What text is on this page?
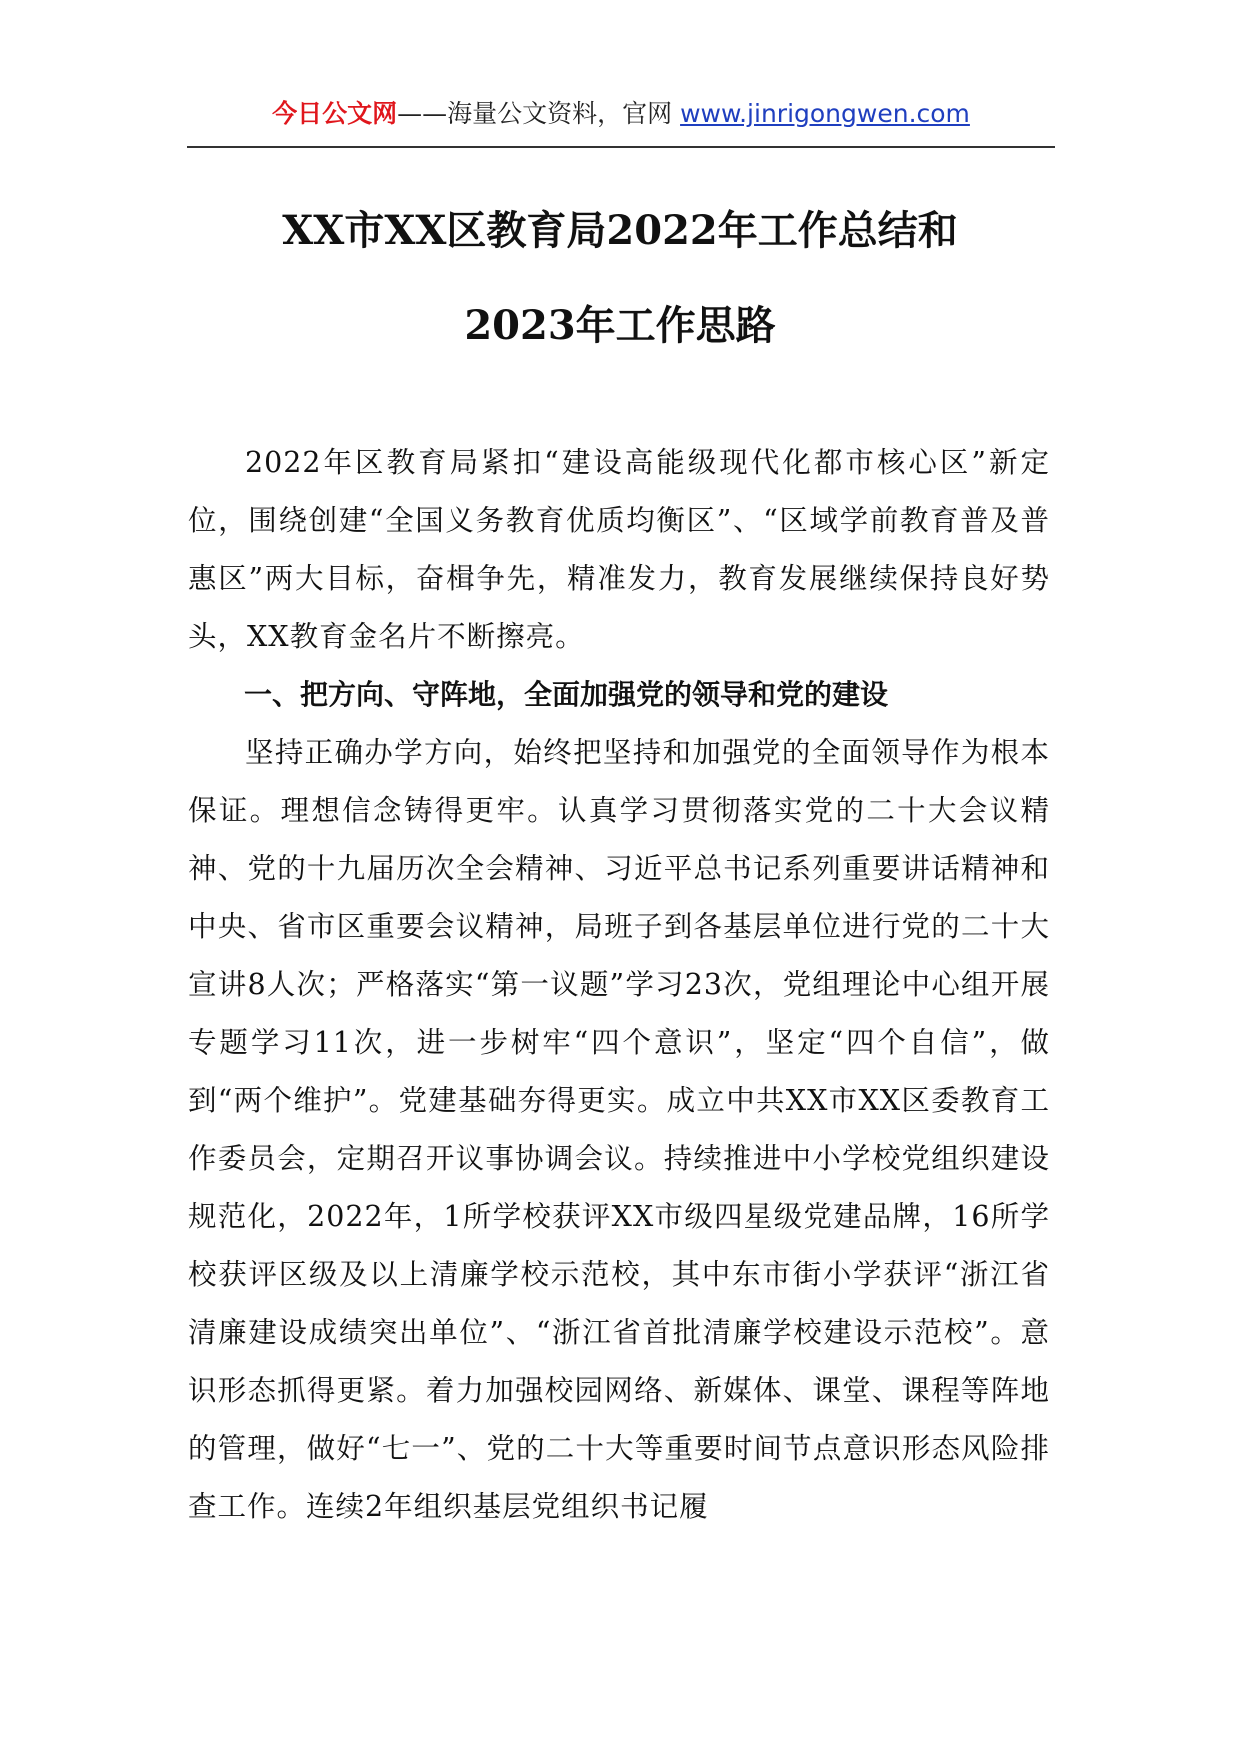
今日公文网——海量公文资料，官网 www.jinrigongwen.com
XX市XX区教育局2022年工作总结和
2023年工作思路

2022年区教育局紧扣“建设高能级现代化都市核心区”新定位，围绕创建“全国义务教育优质均衡区”、“区域学前教育普及普惠区”两大目标，奋楫争先，精准发力，教育发展继续保持良好势头，XX教育金名片不断擦亮。

一、把方向、守阵地，全面加强党的领导和党的建设

坚持正确办学方向，始终把坚持和加强党的全面领导作为根本保证。理想信念铸得更牢。认真学习贯彻落实党的二十大会议精神、党的十九届历次全会精神、习近平总书记系列重要讲话精神和中央、省市区重要会议精神，局班子到各基层单位进行党的二十大宣讲8人次；严格落实“第一议题”学习23次，党组理论中心组开展专题学习11次，进一步树牢“四个意识”，坚定“四个自信”，做到“两个维护”。党建基础夯得更实。成立中共XX市XX区委教育工作委员会，定期召开议事协调会议。持续推进中小学校党组织建设规范化，2022年，1所学校获评XX市级四星级党建品牌，16所学校获评区级及以上清廉学校示范校，其中东市街小学获评“浙江省清廉建设成绩突出单位”、“浙江省首批清廉学校建设示范校”。意识形态抓得更紧。着力加强校园网络、新媒体、课堂、课程等阵地的管理，做好“七一”、党的二十大等重要时间节点意识形态风险排查工作。连续2年组织基层党组织书记履
